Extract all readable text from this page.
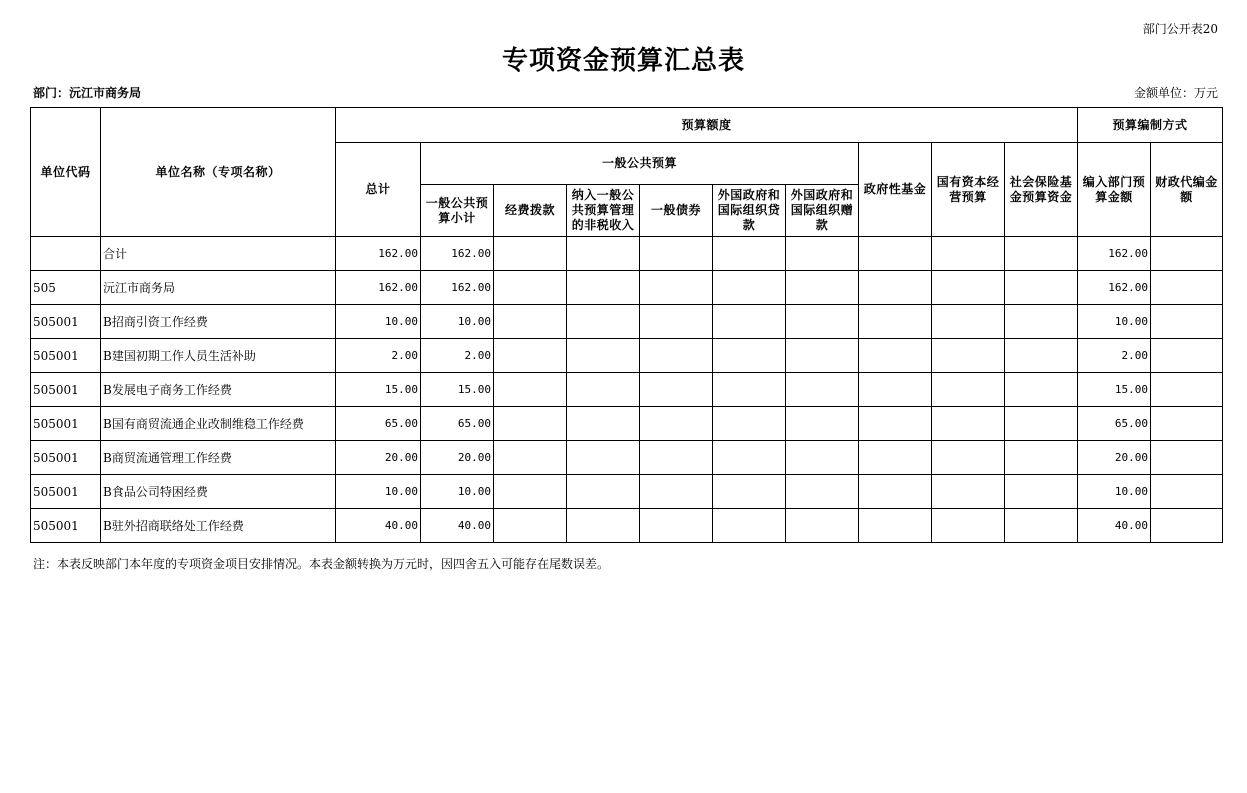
部门公开表20
专项资金预算汇总表
部门：沅江市商务局	金额单位：万元
单位代码	单位名称（专项名称）	预算额度										预算编制方式	
		总计	一般公共预算						政府性基金	国有资本经营预算	社会保险基金预算资金	编入部门预算金额	财政代编金额
			一般公共预算小计	经费拨款	纳入一般公共预算管理的非税收入	一般债券	外国政府和国际组织贷款	外国政府和国际组织赠款					
	合计	162.00	162.00									162.00	
505	沅江市商务局	162.00	162.00									162.00	
505001	B招商引资工作经费	10.00	10.00									10.00	
505001	B建国初期工作人员生活补助	2.00	2.00									2.00	
505001	B发展电子商务工作经费	15.00	15.00									15.00	
505001	B国有商贸流通企业改制维稳工作经费	65.00	65.00									65.00	
505001	B商贸流通管理工作经费	20.00	20.00									20.00	
505001	B食品公司特困经费	10.00	10.00									10.00	
505001	B驻外招商联络处工作经费	40.00	40.00									40.00	
注：本表反映部门本年度的专项资金项目安排情况。本表金额转换为万元时，因四舍五入可能存在尾数误差。
